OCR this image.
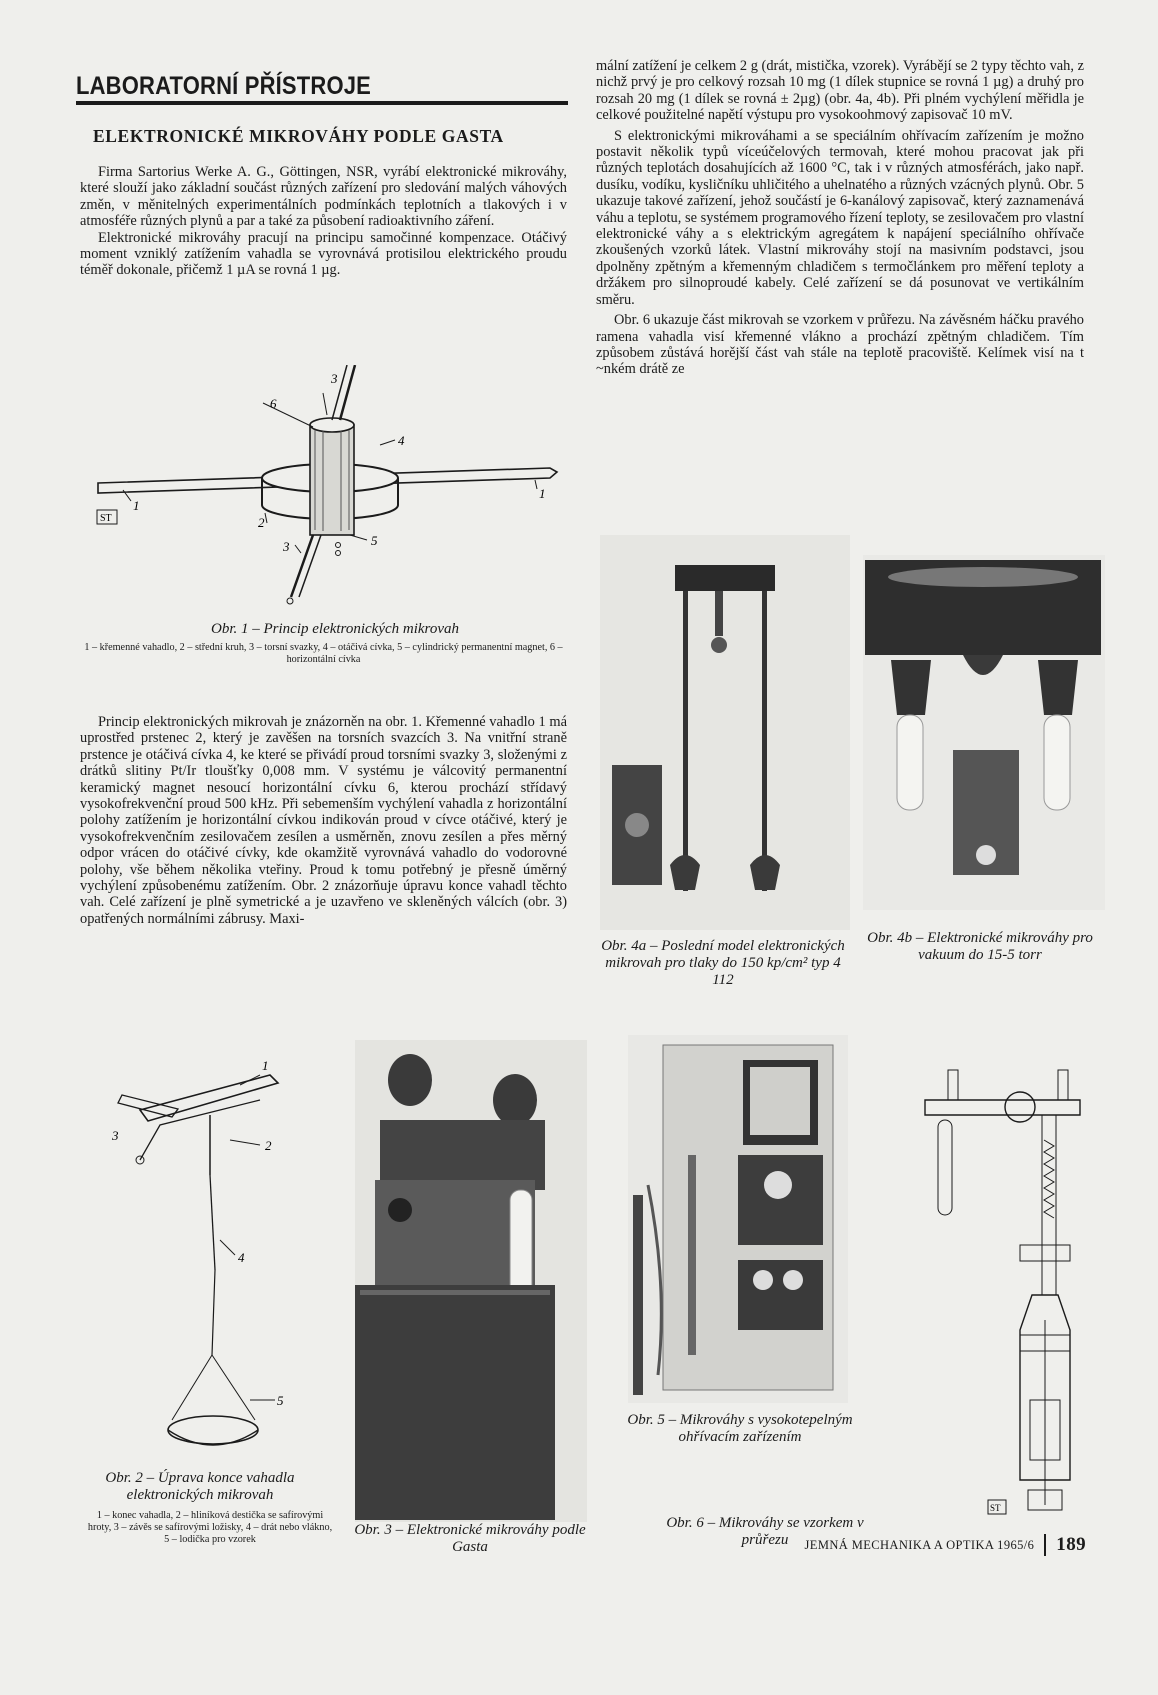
LABORATORNÍ PŘÍSTROJE
ELEKTRONICKÉ MIKROVÁHY PODLE GASTA

Firma Sartorius Werke A. G., Göttingen, NSR, vyrábí elektronické mikrováhy, které slouží jako základní součást různých zařízení pro sledování malých váhových změn, v měnitelných experimentálních podmínkách teplotních a tlakových i v atmosféře různých plynů a par a také za působení radioaktivního záření.

Elektronické mikrováhy pracují na principu samočinné kompenzace. Otáčivý moment vzniklý zatížením vahadla se vyrovnává protisilou elektrického proudu téměř dokonale, přičemž 1 µA se rovná 1 µg.

1
1
2
3
3
4
5
6
ST
Obr. 1 – Princip elektronických mikrovah
1 – křemenné vahadlo, 2 – střední kruh, 3 – torsní svazky, 4 – otáčivá cívka, 5 – cylindrický permanentní magnet, 6 – horizontální cívka

Princip elektronických mikrovah je znázorněn na obr. 1. Křemenné vahadlo 1 má uprostřed prstenec 2, který je zavěšen na torsních svazcích 3. Na vnitřní straně prstence je otáčivá cívka 4, ke které se přivádí proud torsními svazky 3, složenými z drátků slitiny Pt/Ir tloušťky 0,008 mm. V systému je válcovitý permanentní keramický magnet nesoucí horizontální cívku 6, kterou prochází střídavý vysokofrekvenční proud 500 kHz. Při sebemenším vychýlení vahadla z horizontální polohy zatížením je horizontální cívkou indikován proud v cívce otáčivé, který je vysokofrekvenčním zesilovačem zesílen a usměrněn, znovu zesílen a přes měrný odpor vrácen do otáčivé cívky, kde okamžitě vyrovnává vahadlo do vodorovné polohy, vše během několika vteřiny. Proud k tomu potřebný je přesně úměrný vychýlení způsobenému zatížením. Obr. 2 znázorňuje úpravu konce vahadl těchto vah. Celé zařízení je plně symetrické a je uzavřeno ve skleněných válcích (obr. 3) opatřených normálními zábrusy. Maxi-

mální zatížení je celkem 2 g (drát, mistička, vzorek). Vyrábějí se 2 typy těchto vah, z nichž prvý je pro celkový rozsah 10 mg (1 dílek stupnice se rovná 1 µg) a druhý pro rozsah 20 mg (1 dílek se rovná ± 2µg) (obr. 4a, 4b). Při plném vychýlení měřidla je celkové použitelné napětí výstupu pro vysokoohmový zapisovač 10 mV.

S elektronickými mikrováhami a se speciálním ohřívacím zařízením je možno postavit několik typů víceúčelových termovah, které mohou pracovat jak při různých teplotách dosahujících až 1600 °C, tak i v různých atmosférách, jako např. dusíku, vodíku, kysličníku uhličitého a uhelnatého a různých vzácných plynů. Obr. 5 ukazuje takové zařízení, jehož součástí je 6-kanálový zapisovač, který zaznamenává váhu a teplotu, se systémem programového řízení teploty, se zesilovačem pro vlastní elektronické váhy a s elektrickým agregátem k napájení speciálního ohřívače zkoušených vzorků látek. Vlastní mikrováhy stojí na masivním podstavci, jsou dpolněny zpětným a křemenným chladičem s termočlánkem pro měření teploty a držákem pro silnoproudé kabely. Celé zařízení se dá posunovat ve vertikálním směru.

Obr. 6 ukazuje část mikrovah se vzorkem v průřezu. Na závěsném háčku pravého ramena vahadla visí křemenné vlákno a prochází zpětným chladičem. Tím způsobem zůstává horější část vah stále na teplotě pracoviště. Kelímek visí na t ~nkém drátě ze

Obr. 4a – Poslední model elektronických mikrovah pro tlaky do 150 kp/cm² typ 4 112
Obr. 4b – Elektronické mikrováhy pro vakuum do 15-5 torr
1
2
3
4
5
Obr. 2 – Úprava konce vahadla elektronických mikrovah
1 – konec vahadla, 2 – hliníková destička se safírovými hroty, 3 – závěs se safírovými ložisky, 4 – drát nebo vlákno, 5 – lodička pro vzorek
Obr. 3 – Elektronické mikrováhy podle Gasta
Obr. 5 – Mikrováhy s vysokotepelným ohřívacím zařízením
ST
Obr. 6 – Mikrováhy se vzorkem v průřezu	JEMNÁ MECHANIKA A OPTIKA 1965/6 189
